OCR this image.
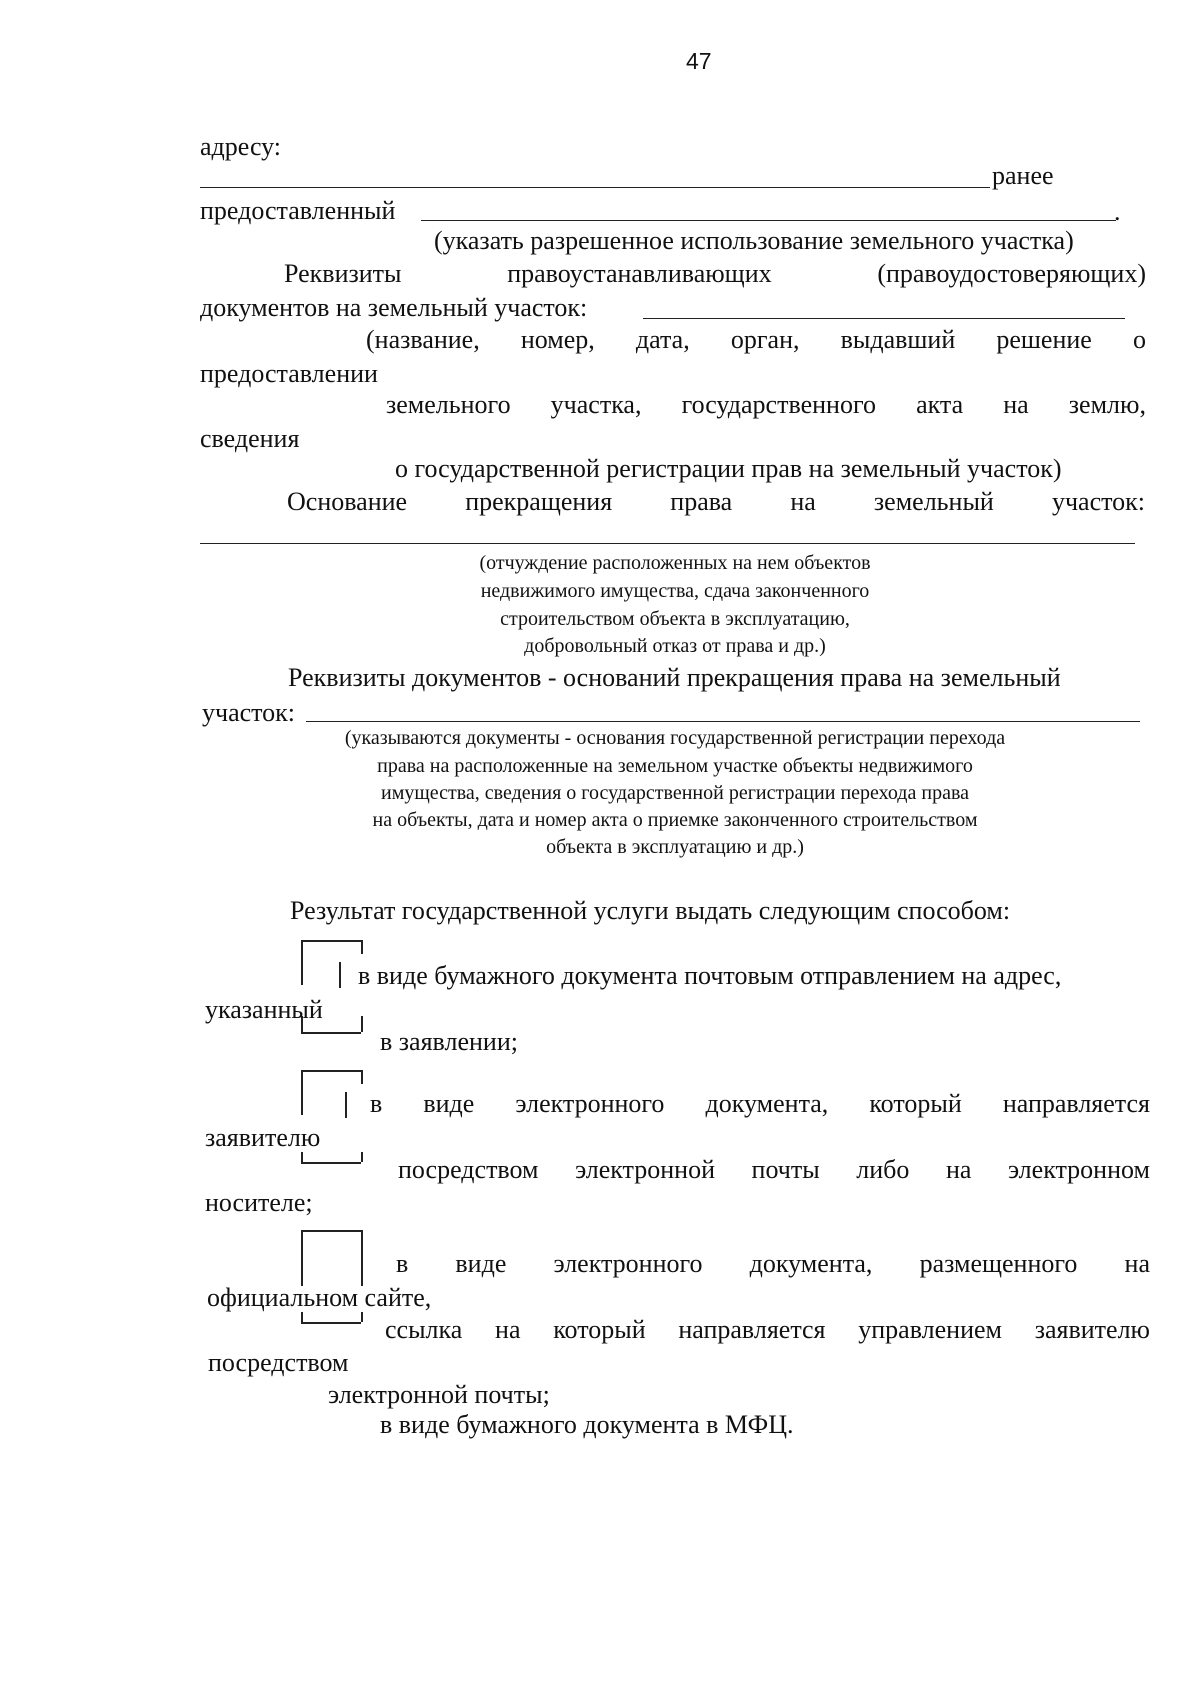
47
адресу:
ранее
предоставленный	.
(указать разрешенное использование земельного участка)
Реквизиты	правоустанавливающих	(правоудостоверяющих)
документов на земельный участок:
(название, номер, дата, орган, выдавший решение о
предоставлении
земельного участка, государственного акта на землю,
сведения
о государственной регистрации прав на земельный участок)
Основание прекращения права на земельный участок:
(отчуждение расположенных на нем объектов
недвижимого имущества, сдача законченного
строительством объекта в эксплуатацию,
добровольный отказ от права и др.)
Реквизиты документов - оснований прекращения права на земельный
участок:
(указываются документы - основания государственной регистрации перехода
права на расположенные на земельном участке объекты недвижимого
имущества, сведения о государственной регистрации перехода права
на объекты, дата и номер акта о приемке законченного строительством
объекта в эксплуатацию и др.)
Результат государственной услуги выдать следующим способом:
в виде бумажного документа почтовым отправлением на адрес,
указанный
в заявлении;
в виде электронного документа, который направляется
заявителю
посредством электронной почты либо на электронном
носителе;
в виде электронного документа, размещенного на
официальном сайте,
ссылка на который направляется управлением заявителю
посредством
электронной почты;
в виде бумажного документа в МФЦ.
